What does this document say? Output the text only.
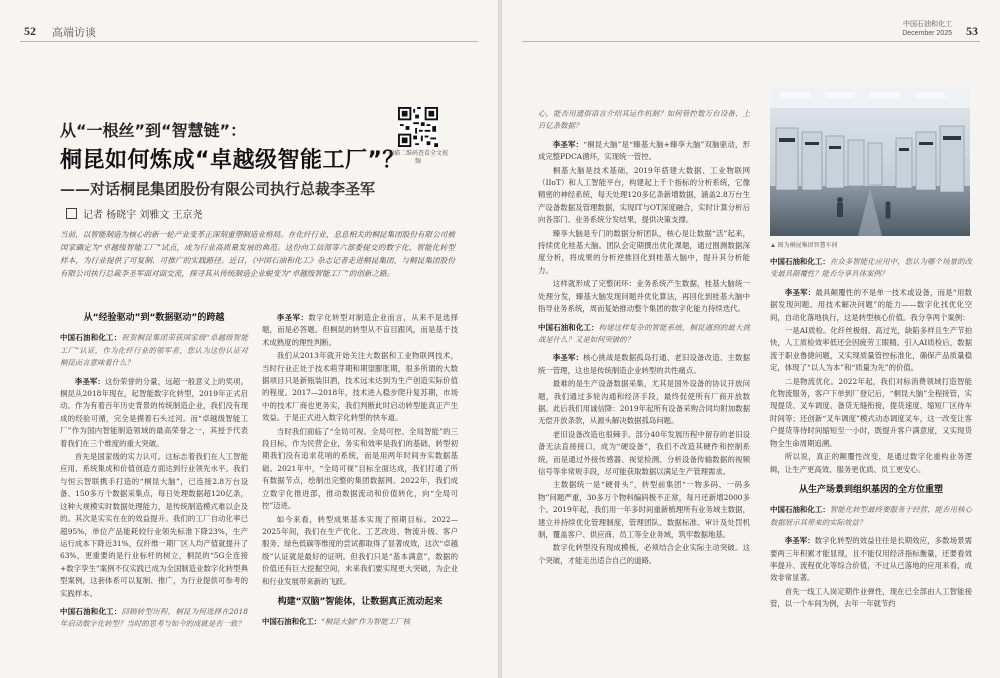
52 高端访谈
从“一根丝”到“智慧链”：
桐昆如何炼成“卓越级智能工厂”？
——对话桐昆集团股份有限公司执行总裁李圣军
记者 杨晓宇 刘雅文 王京尧
扫描二维码查看全文视频
当前，以智能制造为核心的新一轮产业变革正深刻重塑制造业格局。在化纤行业，息息相关的桐昆集团股份有限公司被国家确定为“卓越级智能工厂”试点，成为行业高质量发展的典范。这份向工信部等六部委提交的数字化、智能化转型样本，为行业提供了可复制、可推广的实践路径。近日，《中国石油和化工》杂志记者走进桐昆集团，与桐昆集团股份有限公司执行总裁李圣军面对面交流，探寻其从传统制造企业蜕变为“卓越级智能工厂”的创新之路。
从“经验驱动”到“数据驱动”的跨越
中国石油和化工：祝贺桐昆集团荣获国家级“卓越级智能工厂”认证，作为化纤行业的领军者，您认为这份认证对桐昆而言意味着什么？

李圣军：这份荣誉的分量，远超一般意义上的奖项。桐昆从2018年现在，起智能数字化转型，2019年正式启动。作为有着百年历史背景的传统制造企业，我们没有现成的经验可循，完全是摸着石头过河。而“卓越级智能工厂”作为国内智能制造领域的最高荣誉之一，其授予代表着我们在三个维度的重大突破。

首先是国家级的实力认可。这标志着我们在人工智能应用、系统集成和价值创造方面达到行业领先水平。我们与恒云智联携手打造的“桐昆大脑”，已连接2.8万台设备、150多万个数据采集点，每日处理数据超120亿条，这种大规模实时数据处理能力，是传统制造模式难以企及的。其次是实实在在的效益提升。我们的工厂自动化率已超95%，单位产品能耗较行业领先标准下降23%，生产运行成本下降近31%，仅纤维一期厂区人均产值就提升了63%，更重要的是行业标杆的树立，桐昆的“5G全连接+数字孪生”案例不仅实践已成为全国制造业数字化转型典型案例，这套体系可以复制、推广，为行业提供可参考的实践样本。

中国石油和化工：回顾转型历程，桐昆为何选择在2018年启动数字化转型？当时的思考与如今的成就是否一致？

李圣军：数字化转型对制造企业而言，从来不是选择题，而是必答题。但桐昆的转型从不盲目跟风，而是基于技术成熟度的理性判断。

我们从2013年就开始关注大数据和工业物联网技术，当时行业正处于技术萌芽期和期望膨胀期，很多所谓的大数据项目只是新瓶装旧酒，技术远未达到为生产创造实际价值的程度。2017—2018年，技术进入稳步爬升复苏期，市场中的技术厂商也更务实，我们判断此时启动转型能真正产生效益。于是正式进入数字化转型的快车道。

当时我们面临了“全局可视、全局可控、全局智能”的三段目标，作为民营企业，务实和效率是我们的基础，转型初期我们没有追求花哨的系统，而是用两年时间夯实数据基础。2021年中，“全局可视”目标全面达成，我们打通了所有数据节点，绘制出完整的集团数据网。2022年，我们成立数字化推进部，推动数据流动和价值转化，向“全局可控”迈进。

如今来看，转型成果基本实现了预期目标。2022—2025年间，我们在生产优化、工艺改进、物流升级、客户服务、绿色低碳等维度的尝试都取得了显著成效，这次“卓越级”认证就是最好的证明。但我们只是“基本满意”，数据的价值还有巨大挖掘空间，未来我们要实现更大突破，为企业和行业发展带来新的飞跃。

构建“双脑”智能体，让数据真正流动起来
中国石油和化工：“桐昆大脑”作为智能工厂核
中国石油和化工
December 2025 53
心，能否用通俗语言介绍其运作机制？如何管控数万台设备、上百亿条数据？

李圣军：“桐昆大脑”是“臻基大脑+臻享大脑”双脑驱动，形成完整PDCA循环，实现统一管控。

桐基大脑是技术基础，2019年搭建大数据、工业物联网（IIoT）和人工智能平台，构建起上千个指标的分析系统，它像精密的神经系统，每天处理120多亿条新增数据，涵盖2.8万台生产设备数据及管理数据，实现IT与OT深度融合，实时计算分析后向各部门、业务系统分发结果，提供决策支撑。

臻享大脑是专门的数据分析团队，核心是让数据“活”起来，持续优化桂基大脑。团队会定期撰出优化课题，通过围测数据深度分析，将成果的分析逆推回化到桂基大脑中，提升其分析能力。

这样就形成了完整闭环：业务系统产生数据，桂基大脑统一处理分发，臻基大脑发现问题并优化算法，再回化到桂基大脑中指导业务系统，周而复始推动整个集团的数字化能力持续迭代。

中国石油和化工：构建这样复杂的智能系统，桐昆遇到的最大挑战是什么？又是如何突破的？

李圣军：核心挑战是数据孤岛打通、老旧设备改造、主数据统一管理，这也是传统制造企业转型的共性痛点。

最难的是生产设备数据采集，尤其是国外设备的协议开放问题，我们通过多轮沟通和经济手段，最终促使所有厂商开放数据。此后我们用诚信降：2019年起所有设备采购合同均附加数据无偿开放条款，从源头解决数据孤岛问题。

老旧设备改造也很棘手。部分40年发展历程中留存的老旧设备无法直接接口，成为“硬设备”，我们不改造其硬件和控制系统，而是通过外接传感器、视觉检测、分析设备传输数据的视频信号等非常规手段，尽可能获取数据以满足生产管理需求。

主数据统一是“硬骨头”，转型前集团“一物多码、一码多物”问题严重，30多万个物料编码极不正常，每月还新增2000多个。2019年起，我们用一年多时间重新梳理所有业务域主数据，建立并持续优化管理制度，管理团队、数据标准、审计及处罚机制，覆盖客户、供应商、员工等全业务域，筑牢数据地基。

数字化转型没有现成模板，必须结合企业实际主动突破。这个突破，才能走出适合自己的道路。

中国石油和化工：在众多智能化应用中，您认为哪个场景的改变最具颠覆性？能否分享具体案例？

李圣军：最具颠覆性的不是单一技术或设备，而是“用数据发现问题、用技术解决问题”的能力——数字化找优化空间，自动化落地执行，这是转型核心价值。我分享两个案例：

一是AI质检。化纤丝极细、高过光，缺陷多样且生产节拍快，人工质检效率低还会因疲劳工眼精。引入AI质检后，数据流于职业鲁捷问题，又实现质量管控标准化，确保产品质量稳定，体现了“以人为本”和“质量为先”的价值。

二是物流优化。2022年起，我们对标消费领域打造智能化物流服务，客户下单到厂登记后，“桐昆大脑”全程接管，实现提货、叉车调度、备货无缝衔接，提货速度、缩短厂区待车时间等；还创新“叉车调度”模式动态调度叉车，这一改变让客户提货等待时间缩短至一小时，既提升客户满意度，又实现货物全生命周期追溯。

所以说，真正的颠覆性改变，是通过数字化重构业务逻辑，让生产更高效、服务更优质、员工更安心。

从生产场景到组织基因的全方位重塑
中国石油和化工：智能化转型最终要服务于经营，能否用核心数据展示其带来的实际效益？

李圣军：数字化转型的效益往往是长期效应，多数场景需要两三年积累才能显现，且不能仅用经济指标衡量，还要看效率提升、流程优化等综合价值，不过从已落地的应用来看，成效非常显著。

首先一线工人岗定期作业弹性，现在已全部由人工智能接管，以一个车间为例，去年一年就节约

▲ 图为桐昆集团智慧车间
